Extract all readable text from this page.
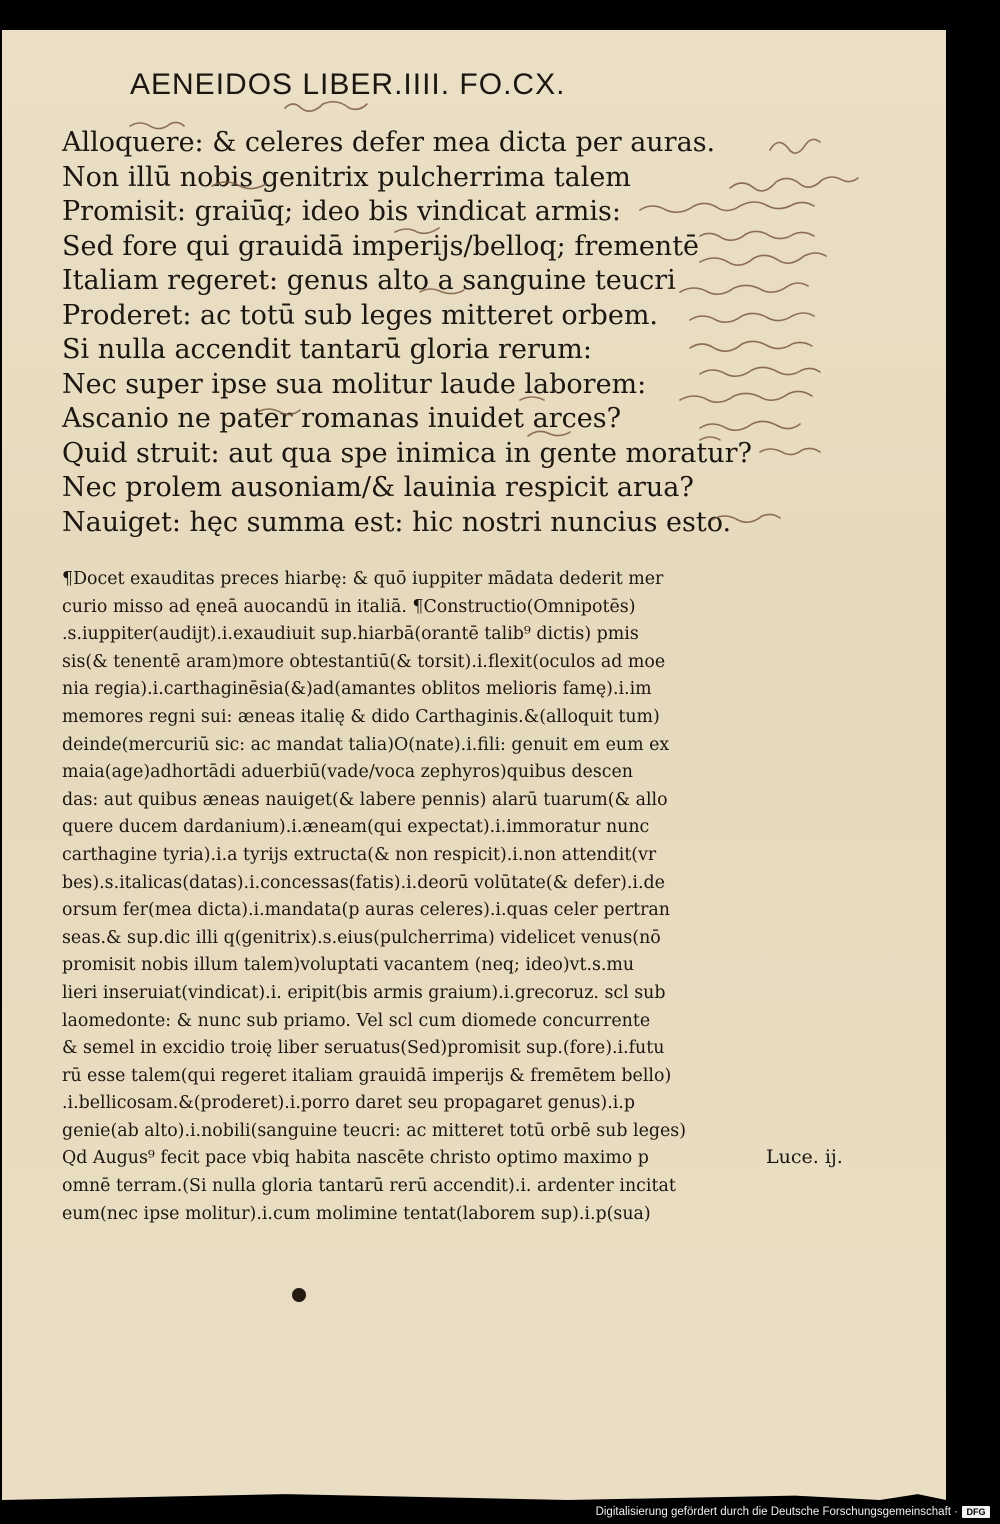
AENEIDOS LIBER.IIII. FO.CX.
Alloquere: & celeres defer mea dicta per auras.
Non illū nobis genitrix pulcherrima talem
Promisit: graiūq; ideo bis vindicat armis:
Sed fore qui grauidā imperijs/belloq; frementē
Italiam regeret: genus alto a sanguine teucri
Proderet: ac totū sub leges mitteret orbem.
Si nulla accendit tantarū gloria rerum:
Nec super ipse sua molitur laude laborem:
Ascanio ne pater romanas inuidet arces?
Quid struit: aut qua spe inimica in gente moratur?
Nec prolem ausoniam/& lauinia respicit arua?
Nauiget: hęc summa est: hic nostri nuncius esto.
¶Docet exauditas preces hiarbę: & quō iuppiter mādata dederit mer
curio misso ad ęneā auocandū in italiā. ¶Constructio(Omnipotēs)
.s.iuppiter(audijt).i.exaudiuit sup.hiarbā(orantē talib⁹ dictis) pmis
sis(& tenentē aram)more obtestantiū(& torsit).i.flexit(oculos ad moe
nia regia).i.carthaginēsia(&)ad(amantes oblitos melioris famę).i.im
memores regni sui: æneas italię & dido Carthaginis.&(alloquit tum)
deinde(mercuriū sic: ac mandat talia)O(nate).i.fili: genuit em eum ex
maia(age)adhortādi aduerbiū(vade/voca zephyros)quibus descen
das: aut quibus æneas nauiget(& labere pennis) alarū tuarum(& allo
quere ducem dardanium).i.æneam(qui expectat).i.immoratur nunc
carthagine tyria).i.a tyrijs extructa(& non respicit).i.non attendit(vr
bes).s.italicas(datas).i.concessas(fatis).i.deorū volūtate(& defer).i.de
orsum fer(mea dicta).i.mandata(p auras celeres).i.quas celer pertran
seas.& sup.dic illi q(genitrix).s.eius(pulcherrima) videlicet venus(nō
promisit nobis illum talem)voluptati vacantem (neq; ideo)vt.s.mu
lieri inseruiat(vindicat).i. eripit(bis armis graium).i.grecoruz. scl sub
laomedonte: & nunc sub priamo. Vel scl cum diomede concurrente
& semel in excidio troię liber seruatus(Sed)promisit sup.(fore).i.futu
rū esse talem(qui regeret italiam grauidā imperijs & fremētem bello)
.i.bellicosam.&(proderet).i.porro daret seu propagaret genus).i.p
genie(ab alto).i.nobili(sanguine teucri: ac mitteret totū orbē sub leges)
Qd Augus⁹ fecit pace vbiq habita nascēte christo optimo maximo p
omnē terram.(Si nulla gloria tantarū rerū accendit).i. ardenter incitat
eum(nec ipse molitur).i.cum molimine tentat(laborem sup).i.p(sua)
Luce. ij.
Digitalisierung gefördert durch die Deutsche Forschungsgemeinschaft · DFG
